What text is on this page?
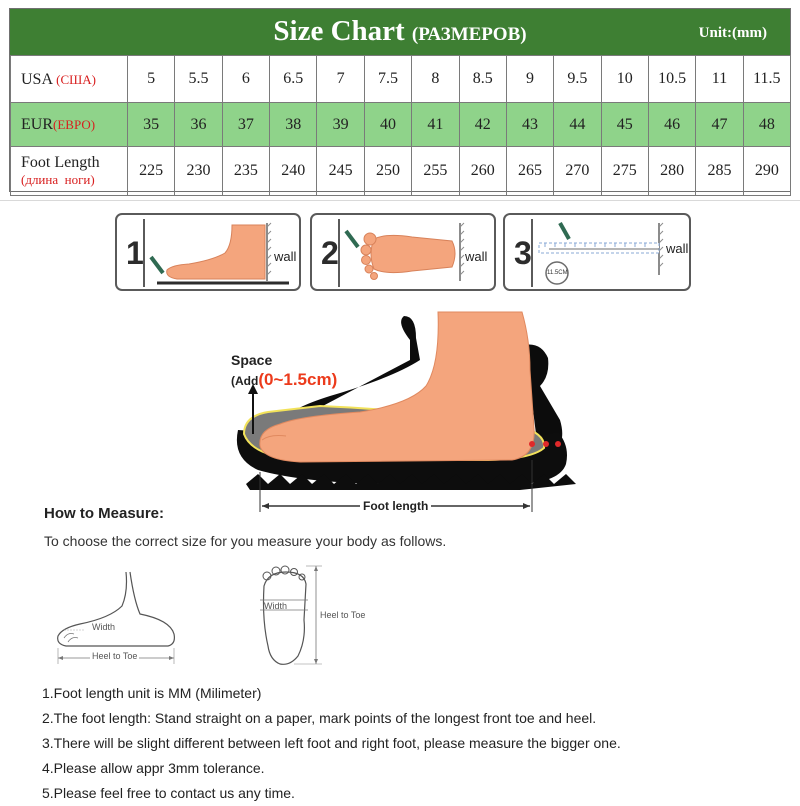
Size Chart (РАЗМЕРОВ)	Unit:(mm)
USA (США)	5	5.5	6	6.5	7	7.5	8	8.5	9	9.5	10	10.5	11	11.5
EUR(ЕВРО)	35	36	37	38	39	40	41	42	43	44	45	46	47	48

Foot Length
(длина  ноги)	225	230	235	240	245	250	255	260	265	270	275	280	285	290
1	wall 2	wall 3
11.5CM
wall
Space
(Add(0~1.5cm)
Foot length
How to Measure:
To choose the correct size for you measure your body as follows.
Width
Heel to Toe
Width
Heel to Toe
1.Foot length unit is MM (Milimeter)
2.The foot length: Stand straight on a paper, mark points of the longest front toe and heel.
3.There will be slight different between left foot and right foot, please measure the bigger one.
4.Please allow appr 3mm tolerance.
5.Please feel free to contact us any time.
